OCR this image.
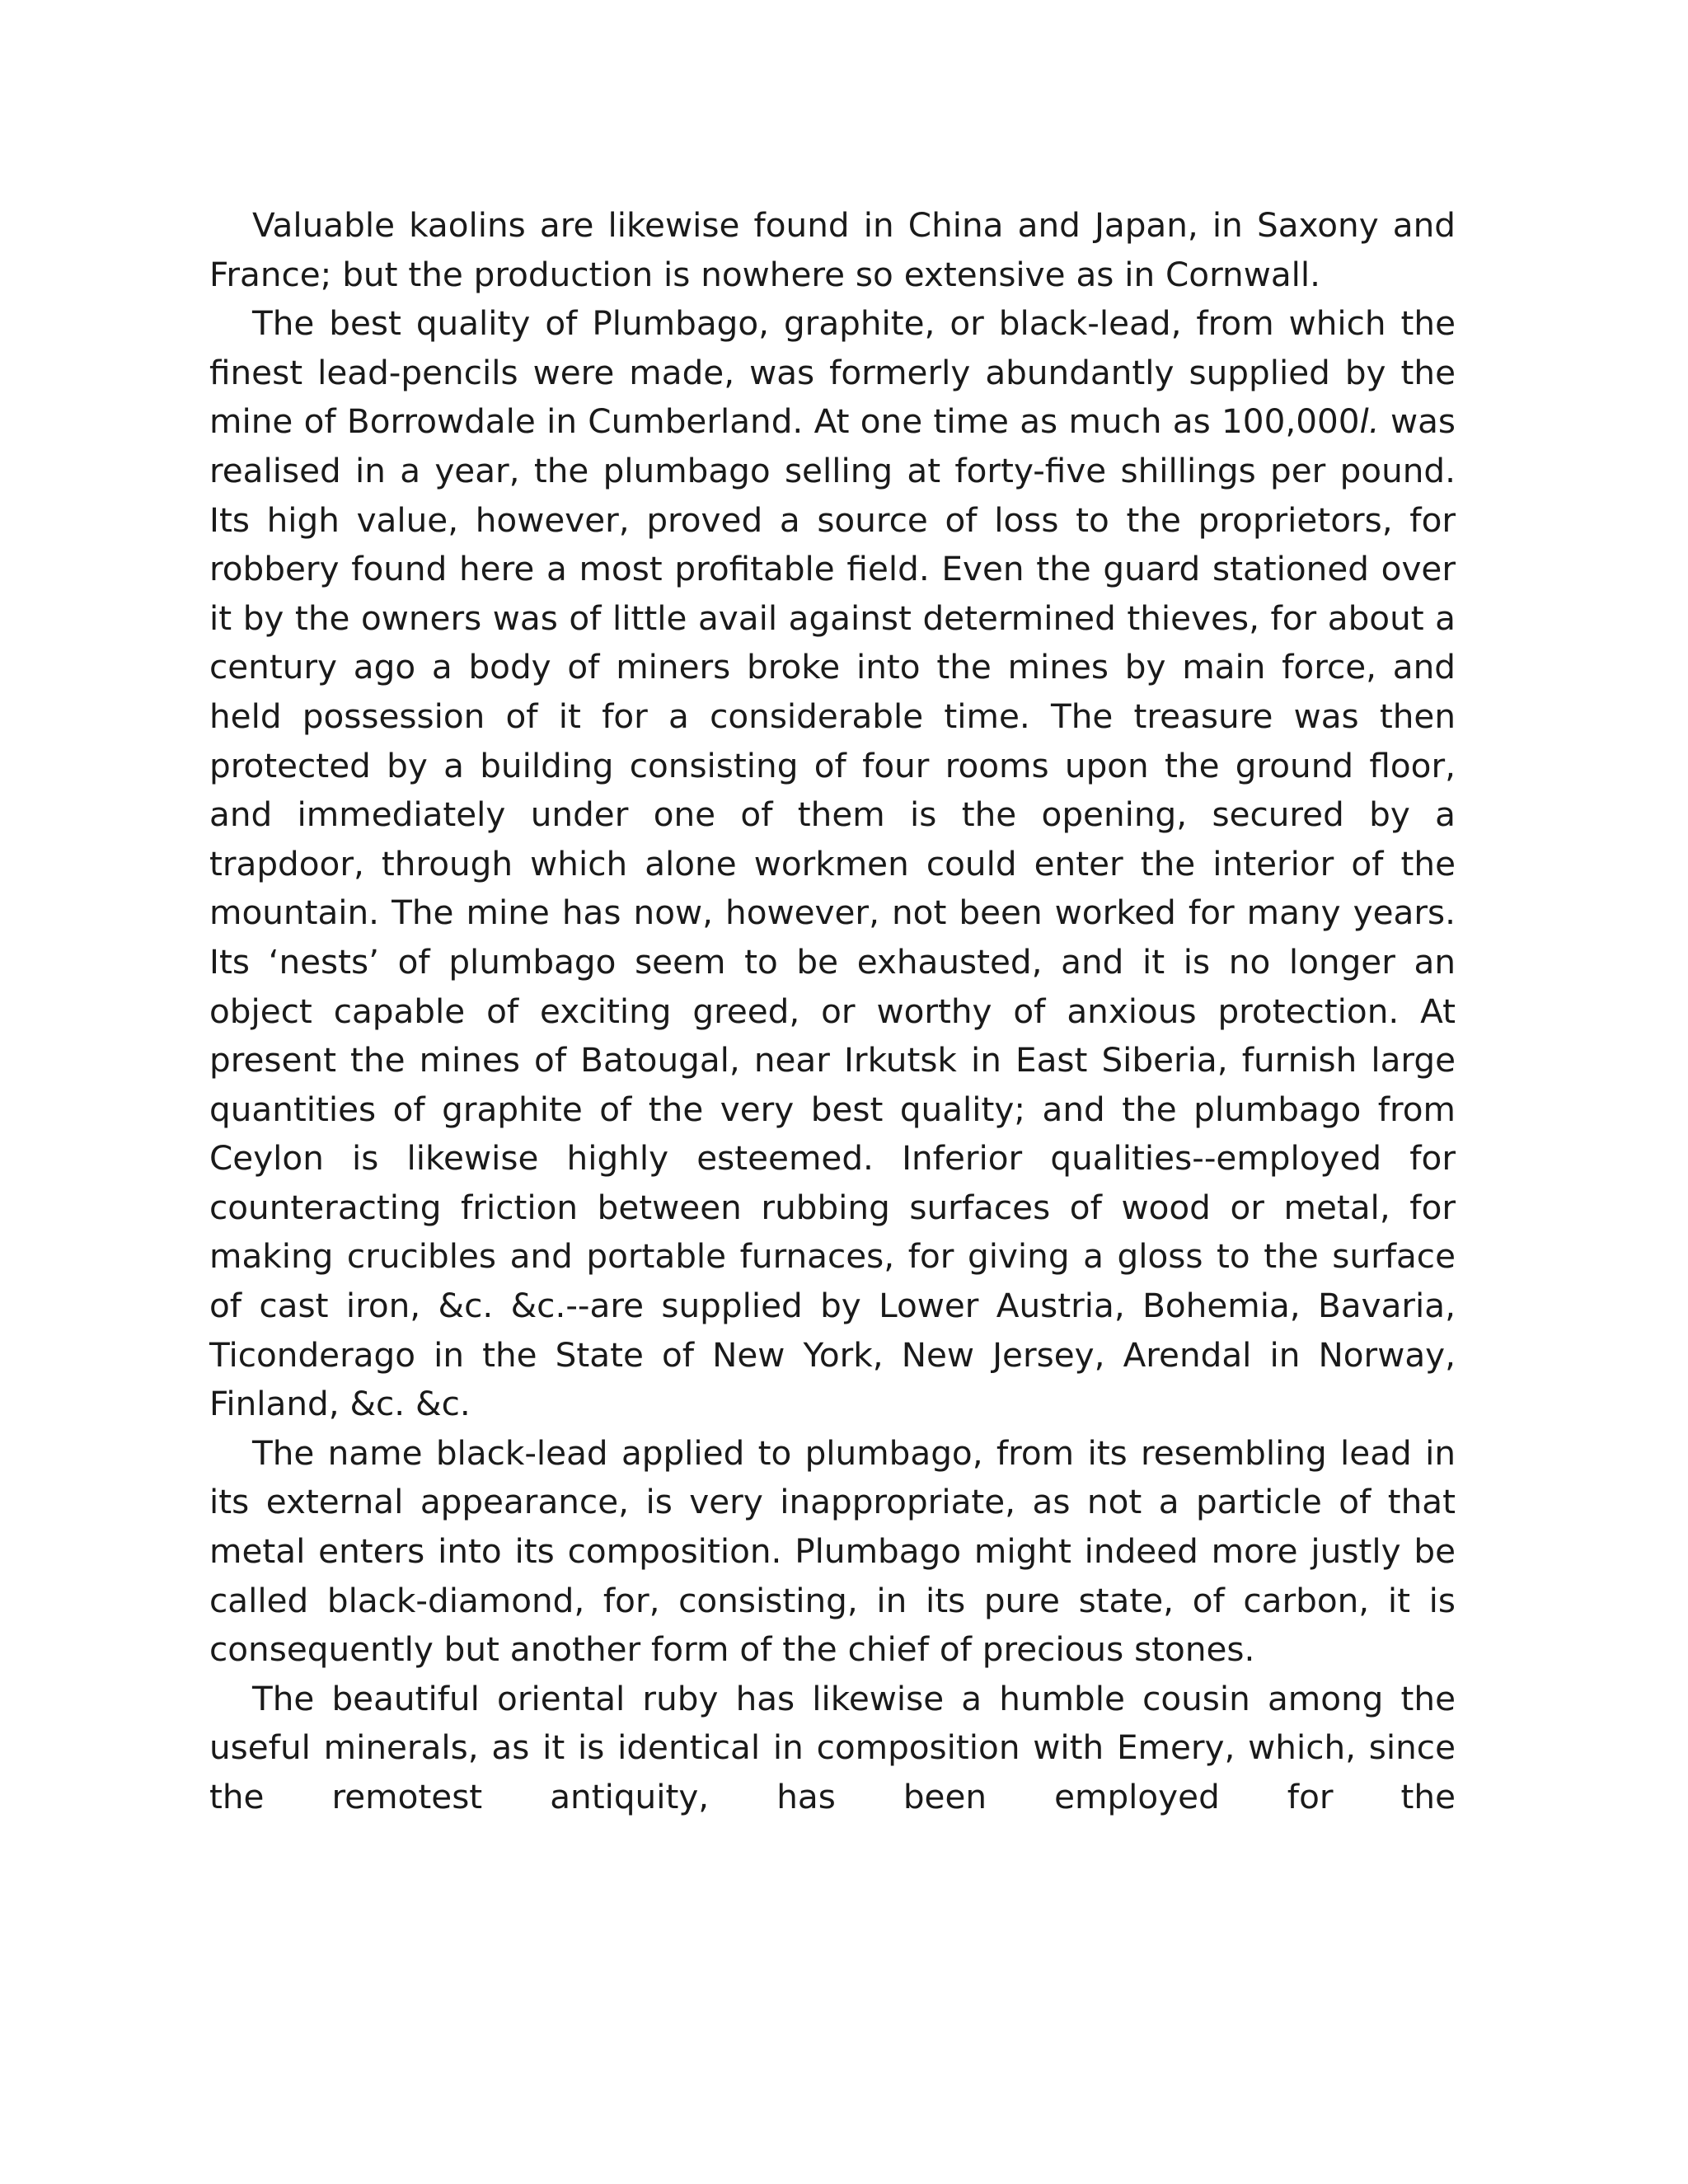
Valuable kaolins are likewise found in China and Japan, in Saxony and France; but the production is nowhere so extensive as in Cornwall.

The best quality of Plumbago, graphite, or black-lead, from which the finest lead-pencils were made, was formerly abundantly supplied by the mine of Borrowdale in Cumberland. At one time as much as 100,000l. was realised in a year, the plumbago selling at forty-five shillings per pound. Its high value, however, proved a source of loss to the proprietors, for robbery found here a most profitable field. Even the guard stationed over it by the owners was of little avail against determined thieves, for about a century ago a body of miners broke into the mines by main force, and held possession of it for a considerable time. The treasure was then protected by a building consisting of four rooms upon the ground floor, and immediately under one of them is the opening, secured by a trapdoor, through which alone workmen could enter the interior of the mountain. The mine has now, however, not been worked for many years. Its ‘nests’ of plumbago seem to be exhausted, and it is no longer an object capable of exciting greed, or worthy of anxious protection. At present the mines of Batougal, near Irkutsk in East Siberia, furnish large quantities of graphite of the very best quality; and the plumbago from Ceylon is likewise highly esteemed. Inferior qualities--employed for counteracting friction between rubbing surfaces of wood or metal, for making crucibles and portable furnaces, for giving a gloss to the surface of cast iron, &c. &c.--are supplied by Lower Austria, Bohemia, Bavaria, Ticonderago in the State of New York, New Jersey, Arendal in Norway, Finland, &c. &c.

The name black-lead applied to plumbago, from its resembling lead in its external appearance, is very inappropriate, as not a particle of that metal enters into its composition. Plumbago might indeed more justly be called black-diamond, for, consisting, in its pure state, of carbon, it is consequently but another form of the chief of precious stones.

The beautiful oriental ruby has likewise a humble cousin among the useful minerals, as it is identical in composition with Emery, which, since the remotest antiquity, has been employed for the
